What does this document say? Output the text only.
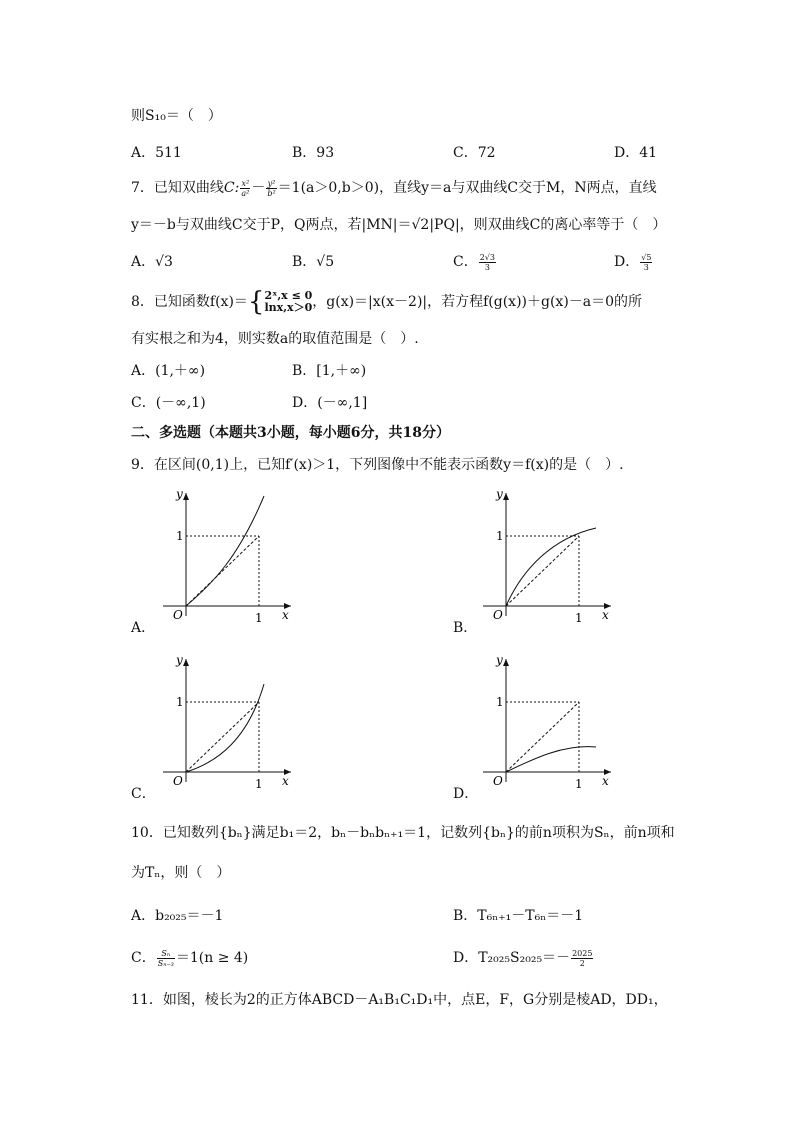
则S₁₀＝（　）
A．511	B．93	C．72	D．41
7．已知双曲线C: $\frac{\text{x²}}{\text{a²}} - \frac{\text{y²}}{\text{b²}} =1(a>0,b>0)$，直线y＝a与双曲线C交于M，N两点，直线
y＝－b与双曲线C交于P，Q两点，若|MN|＝√2|PQ|，则双曲线C的离心率等于（　）
A．√3	B．√5	C． $\frac{2√3}{3}$	D． $\frac{√5}{3}$
8．已知函数f(x)＝{ 2ˣ,x ≤ 0
lnx,x＞0 ，g(x)＝|x(x－2)|，若方程f(g(x))＋g(x)－a＝0的所
有实根之和为4，则实数a的取值范围是（　）.
A．(1,＋∞)	B．[1,＋∞)
C．(－∞,1)	D．(－∞,1]
二、多选题（本题共3小题，每小题6分，共18分）
9．在区间(0,1)上，已知f′(x)＞1，下列图像中不能表示函数y＝f(x)的是（　）.
y
x
O	1
1
A．
y
x
O	1
1
B．
y
x
O	1
1
C．
y
x
O	1
1
D．
10．已知数列{bₙ}满足b₁＝2，bₙ－bₙbₙ₊₁＝1，记数列{bₙ}的前n项积为Sₙ，前n项和
为Tₙ，则（　）
A．b₂₀₂₅＝－1	B．T₆ₙ₊₁－T₆ₙ＝－1
C． $\frac{\text{Sₙ}}{\text{Sₙ₋₃}} =1(n \ge 4)$	D．$T_{2025}S_{2025}=- \frac{2025}{2}$
11．如图，棱长为2的正方体ABCD－A₁B₁C₁D₁中，点E，F，G分别是棱AD，DD₁，
